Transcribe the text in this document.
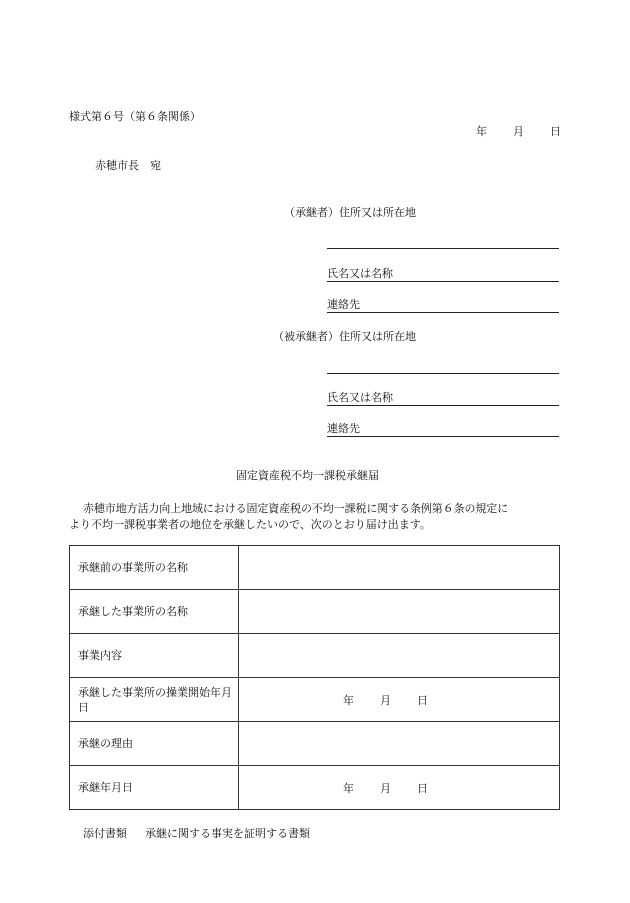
様式第６号（第６条関係）
年 月 日
赤穂市長　宛
（承継者）住所又は所在地
氏名又は名称
連絡先
（被承継者）住所又は所在地
氏名又は名称
連絡先
固定資産税不均一課税承継届
赤穂市地方活力向上地域における固定資産税の不均一課税に関する条例第６条の規定に
より不均一課税事業者の地位を承継したいので、次のとおり届け出ます。
承継前の事業所の名称	
承継した事業所の名称	
事業内容	
承継した事業所の操業開始年月日	年 月 日

承継の理由	
承継年月日	年 月 日
添付書類 承継に関する事実を証明する書類
